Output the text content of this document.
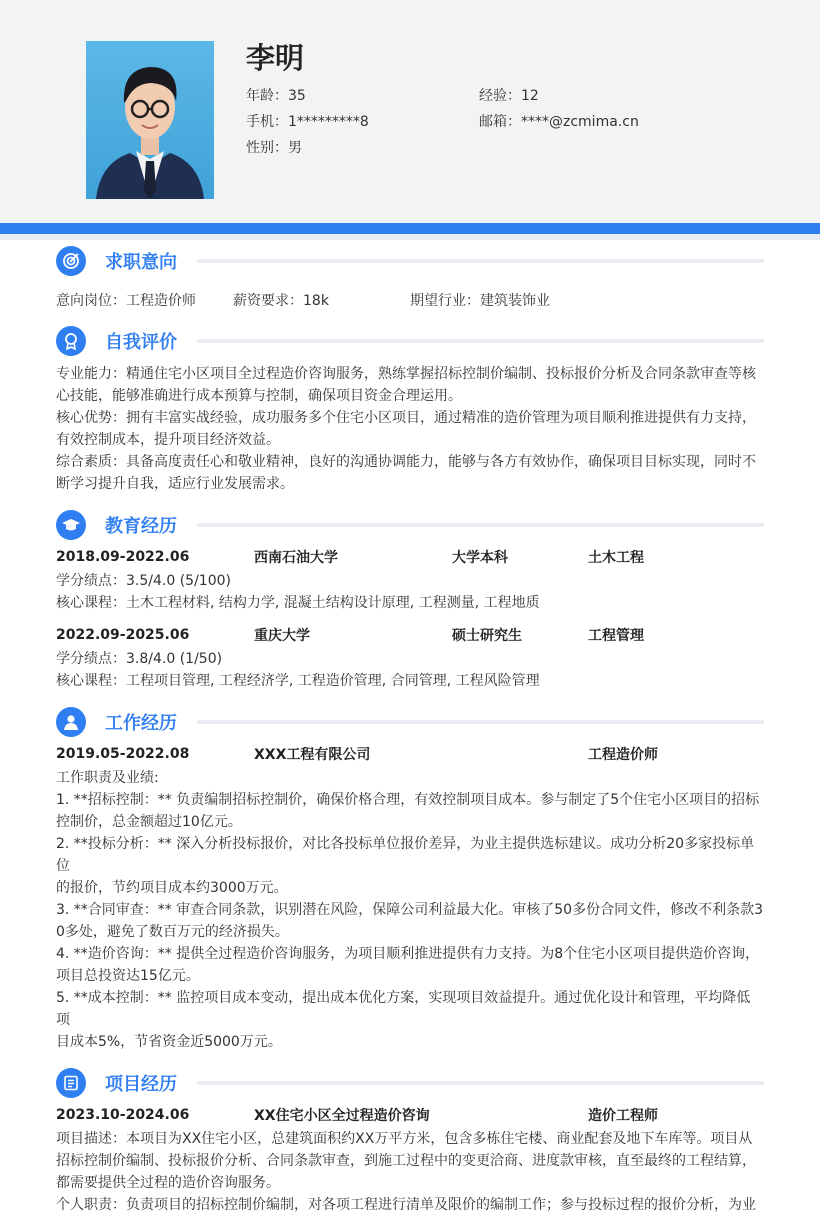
李明
年龄：35	经验：12
手机：1*********8	邮箱：****@zcmima.cn
性别：男
求职意向
意向岗位：工程造价师	薪资要求：18k	期望行业：建筑装饰业
自我评价

专业能力：精通住宅小区项目全过程造价咨询服务，熟练掌握招标控制价编制、投标报价分析及合同条款审查等核

心技能，能够准确进行成本预算与控制，确保项目资金合理运用。

核心优势：拥有丰富实战经验，成功服务多个住宅小区项目，通过精准的造价管理为项目顺利推进提供有力支持，

有效控制成本，提升项目经济效益。

综合素质：具备高度责任心和敬业精神，良好的沟通协调能力，能够与各方有效协作，确保项目目标实现，同时不

断学习提升自我，适应行业发展需求。

教育经历
2018.09-2022.06	西南石油大学	大学本科	土木工程

学分绩点：3.5/4.0 (5/100)

核心课程：土木工程材料, 结构力学, 混凝土结构设计原理, 工程测量, 工程地质

2022.09-2025.06	重庆大学	硕士研究生	工程管理

学分绩点：3.8/4.0 (1/50)

核心课程：工程项目管理, 工程经济学, 工程造价管理, 合同管理, 工程风险管理

工作经历
2019.05-2022.08	XXX工程有限公司	工程造价师

工作职责及业绩:

1. **招标控制：** 负责编制招标控制价，确保价格合理，有效控制项目成本。参与制定了5个住宅小区项目的招标

控制价，总金额超过10亿元。

2. **投标分析：** 深入分析投标报价，对比各投标单位报价差异，为业主提供选标建议。成功分析20多家投标单位

的报价，节约项目成本约3000万元。

3. **合同审查：** 审查合同条款，识别潜在风险，保障公司利益最大化。审核了50多份合同文件，修改不利条款3

0多处，避免了数百万元的经济损失。

4. **造价咨询：** 提供全过程造价咨询服务，为项目顺利推进提供有力支持。为8个住宅小区项目提供造价咨询，

项目总投资达15亿元。

5. **成本控制：** 监控项目成本变动，提出成本优化方案，实现项目效益提升。通过优化设计和管理，平均降低项

目成本5%，节省资金近5000万元。

项目经历
2023.10-2024.06	XX住宅小区全过程造价咨询	造价工程师

项目描述：本项目为XX住宅小区，总建筑面积约XX万平方米，包含多栋住宅楼、商业配套及地下车库等。项目从

招标控制价编制、投标报价分析、合同条款审查，到施工过程中的变更洽商、进度款审核，直至最终的工程结算，

都需要提供全过程的造价咨询服务。

个人职责：负责项目的招标控制价编制，对各项工程进行清单及限价的编制工作；参与投标过程的报价分析，为业
